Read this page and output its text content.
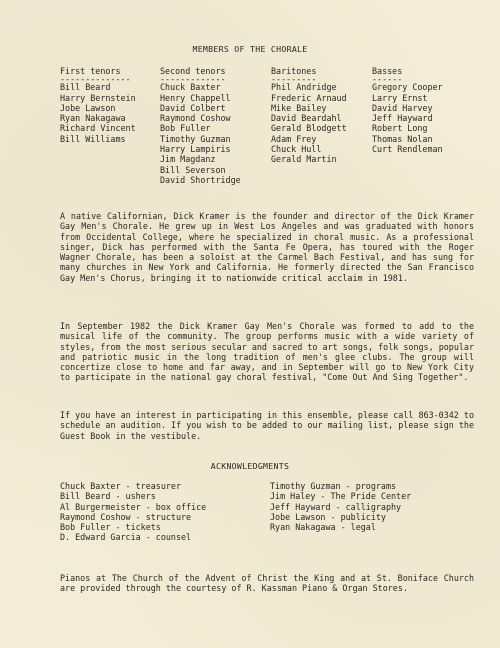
MEMBERS OF THE CHORALE
First tenors
--------------
Bill Beard
Harry Bernstein
Jobe Lawson
Ryan Nakagawa
Richard Vincent
Bill Williams
Second tenors
-------------
Chuck Baxter
Henry Chappell
David Colbert
Raymond Coshow
Bob Fuller
Timothy Guzman
Harry Lampiris
Jim Magdanz
Bill Severson
David Shortridge
Baritones
---------
Phil Andridge
Frederic Arnaud
Mike Bailey
David Beardahl
Gerald Blodgett
Adam Frey
Chuck Hull
Gerald Martin
Basses
------
Gregory Cooper
Larry Ernst
David Harvey
Jeff Hayward
Robert Long
Thomas Nolan
Curt Rendleman

A native Californian, Dick Kramer is the founder and director of the Dick Kramer Gay Men's Chorale. He grew up in West Los Angeles and was graduated with honors from Occidental College, where he specialized in choral music. As a professional singer, Dick has performed with the Santa Fe Opera, has toured with the Roger Wagner Chorale, has been a soloist at the Carmel Bach Festival, and has sung for many churches in New York and California. He formerly directed the San Francisco Gay Men's Chorus, bringing it to nationwide critical acclaim in 1981.

In September 1982 the Dick Kramer Gay Men's Chorale was formed to add to the musical life of the community. The group performs music with a wide variety of styles, from the most serious secular and sacred to art songs, folk songs, popular and patriotic music in the long tradition of men's glee clubs. The group will concertize close to home and far away, and in September will go to New York City to participate in the national gay choral festival, "Come Out And Sing Together".

If you have an interest in participating in this ensemble, please call 863-0342 to schedule an audition. If you wish to be added to our mailing list, please sign the Guest Book in the vestibule.

ACKNOWLEDGMENTS
Chuck Baxter - treasurer
Bill Beard - ushers
Al Burgermeister - box office
Raymond Coshow - structure
Bob Fuller - tickets
D. Edward Garcia - counsel
Timothy Guzman - programs
Jim Haley - The Pride Center
Jeff Hayward - calligraphy
Jobe Lawson - publicity
Ryan Nakagawa - legal

Pianos at The Church of the Advent of Christ the King and at St. Boniface Church are provided through the courtesy of R. Kassman Piano & Organ Stores.
